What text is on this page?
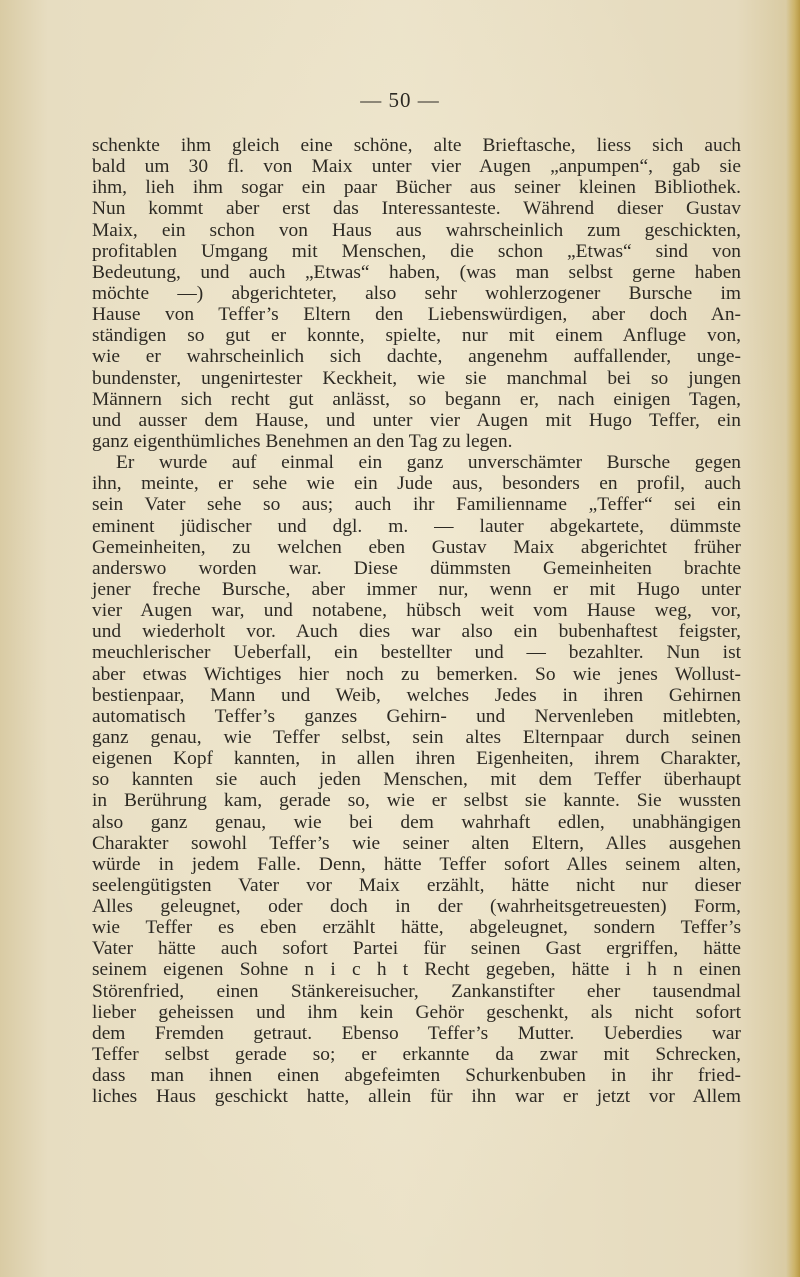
— 50 —
schenkte ihm gleich eine schöne, alte Brieftasche, liess sich auch
bald um 30 fl. von Maix unter vier Augen „anpumpen“, gab sie
ihm, lieh ihm sogar ein paar Bücher aus seiner kleinen Bibliothek.
Nun kommt aber erst das Interessanteste. Während dieser Gustav
Maix, ein schon von Haus aus wahrscheinlich zum geschickten,
profitablen Umgang mit Menschen, die schon „Etwas“ sind von
Bedeutung, und auch „Etwas“ haben, (was man selbst gerne haben
möchte —) abgerichteter, also sehr wohlerzogener Bursche im
Hause von Teffer’s Eltern den Liebenswürdigen, aber doch An-
ständigen so gut er konnte, spielte, nur mit einem Anfluge von,
wie er wahrscheinlich sich dachte, angenehm auffallender, unge-
bundenster, ungenirtester Keckheit, wie sie manchmal bei so jungen
Männern sich recht gut anlässt, so begann er, nach einigen Tagen,
und ausser dem Hause, und unter vier Augen mit Hugo Teffer, ein
ganz eigenthümliches Benehmen an den Tag zu legen.
Er wurde auf einmal ein ganz unverschämter Bursche gegen
ihn, meinte, er sehe wie ein Jude aus, besonders en profil, auch
sein Vater sehe so aus; auch ihr Familienname „Teffer“ sei ein
eminent jüdischer und dgl. m. — lauter abgekartete, dümmste
Gemeinheiten, zu welchen eben Gustav Maix abgerichtet früher
anderswo worden war. Diese dümmsten Gemeinheiten brachte
jener freche Bursche, aber immer nur, wenn er mit Hugo unter
vier Augen war, und notabene, hübsch weit vom Hause weg, vor,
und wiederholt vor. Auch dies war also ein bubenhaftest feigster,
meuchlerischer Ueberfall, ein bestellter und — bezahlter. Nun ist
aber etwas Wichtiges hier noch zu bemerken. So wie jenes Wollust-
bestienpaar, Mann und Weib, welches Jedes in ihren Gehirnen
automatisch Teffer’s ganzes Gehirn- und Nervenleben mitlebten,
ganz genau, wie Teffer selbst, sein altes Elternpaar durch seinen
eigenen Kopf kannten, in allen ihren Eigenheiten, ihrem Charakter,
so kannten sie auch jeden Menschen, mit dem Teffer überhaupt
in Berührung kam, gerade so, wie er selbst sie kannte. Sie wussten
also ganz genau, wie bei dem wahrhaft edlen, unabhängigen
Charakter sowohl Teffer’s wie seiner alten Eltern, Alles ausgehen
würde in jedem Falle. Denn, hätte Teffer sofort Alles seinem alten,
seelengütigsten Vater vor Maix erzählt, hätte nicht nur dieser
Alles geleugnet, oder doch in der (wahrheitsgetreuesten) Form,
wie Teffer es eben erzählt hätte, abgeleugnet, sondern Teffer’s
Vater hätte auch sofort Partei für seinen Gast ergriffen, hätte
seinem eigenen Sohne n i c h t Recht gegeben, hätte i h n einen
Störenfried, einen Stänkereisucher, Zankanstifter eher tausendmal
lieber geheissen und ihm kein Gehör geschenkt, als nicht sofort
dem Fremden getraut. Ebenso Teffer’s Mutter. Ueberdies war
Teffer selbst gerade so; er erkannte da zwar mit Schrecken,
dass man ihnen einen abgefeimten Schurkenbuben in ihr fried-
liches Haus geschickt hatte, allein für ihn war er jetzt vor Allem
